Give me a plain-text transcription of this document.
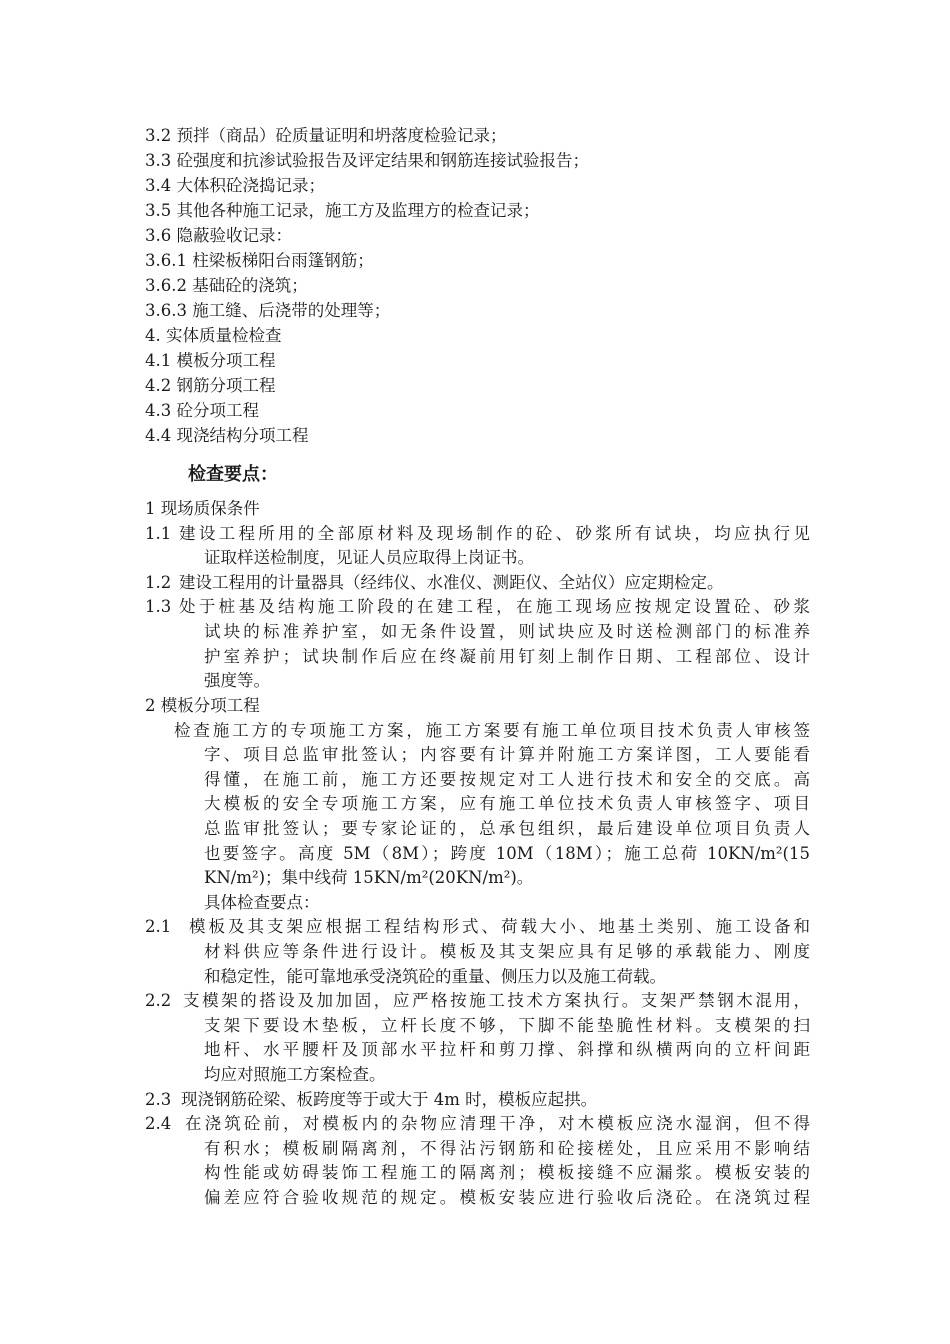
3.2 预拌（商品）砼质量证明和坍落度检验记录；
3.3 砼强度和抗渗试验报告及评定结果和钢筋连接试验报告；
3.4 大体积砼浇捣记录；
3.5 其他各种施工记录，施工方及监理方的检查记录；
3.6 隐蔽验收记录：
3.6.1 柱梁板梯阳台雨篷钢筋；
3.6.2 基础砼的浇筑；
3.6.3 施工缝、后浇带的处理等；
4. 实体质量检检查
4.1 模板分项工程
4.2 钢筋分项工程
4.3 砼分项工程
4.4 现浇结构分项工程
检查要点：
1 现场质保条件
1.1 建设工程所用的全部原材料及现场制作的砼、砂浆所有试块，均应执行见
证取样送检制度，见证人员应取得上岗证书。
1.2 建设工程用的计量器具（经纬仪、水准仪、测距仪、全站仪）应定期检定。
1.3 处于桩基及结构施工阶段的在建工程，在施工现场应按规定设置砼、砂浆
试块的标准养护室，如无条件设置，则试块应及时送检测部门的标准养
护室养护；试块制作后应在终凝前用钉刻上制作日期、工程部位、设计
强度等。
2 模板分项工程
检查施工方的专项施工方案，施工方案要有施工单位项目技术负责人审核签
字、项目总监审批签认；内容要有计算并附施工方案详图，工人要能看
得懂，在施工前，施工方还要按规定对工人进行技术和安全的交底。高
大模板的安全专项施工方案，应有施工单位技术负责人审核签字、项目
总监审批签认；要专家论证的，总承包组织，最后建设单位项目负责人
也要签字。高度 5M（8M）；跨度 10M（18M）；施工总荷 10KN/m²(15
KN/m²)；集中线荷 15KN/m²(20KN/m²)。
具体检查要点：
2.1 模板及其支架应根据工程结构形式、荷载大小、地基土类别、施工设备和
材料供应等条件进行设计。模板及其支架应具有足够的承载能力、刚度
和稳定性，能可靠地承受浇筑砼的重量、侧压力以及施工荷载。
2.2 支模架的搭设及加加固，应严格按施工技术方案执行。支架严禁钢木混用，
支架下要设木垫板，立杆长度不够，下脚不能垫脆性材料。支模架的扫
地杆、水平腰杆及顶部水平拉杆和剪刀撑、斜撑和纵横两向的立杆间距
均应对照施工方案检查。
2.3 现浇钢筋砼梁、板跨度等于或大于 4m 时，模板应起拱。
2.4 在浇筑砼前，对模板内的杂物应清理干净，对木模板应浇水湿润，但不得
有积水；模板刷隔离剂，不得沾污钢筋和砼接槎处，且应采用不影响结
构性能或妨碍装饰工程施工的隔离剂；模板接缝不应漏浆。模板安装的
偏差应符合验收规范的规定。模板安装应进行验收后浇砼。在浇筑过程
